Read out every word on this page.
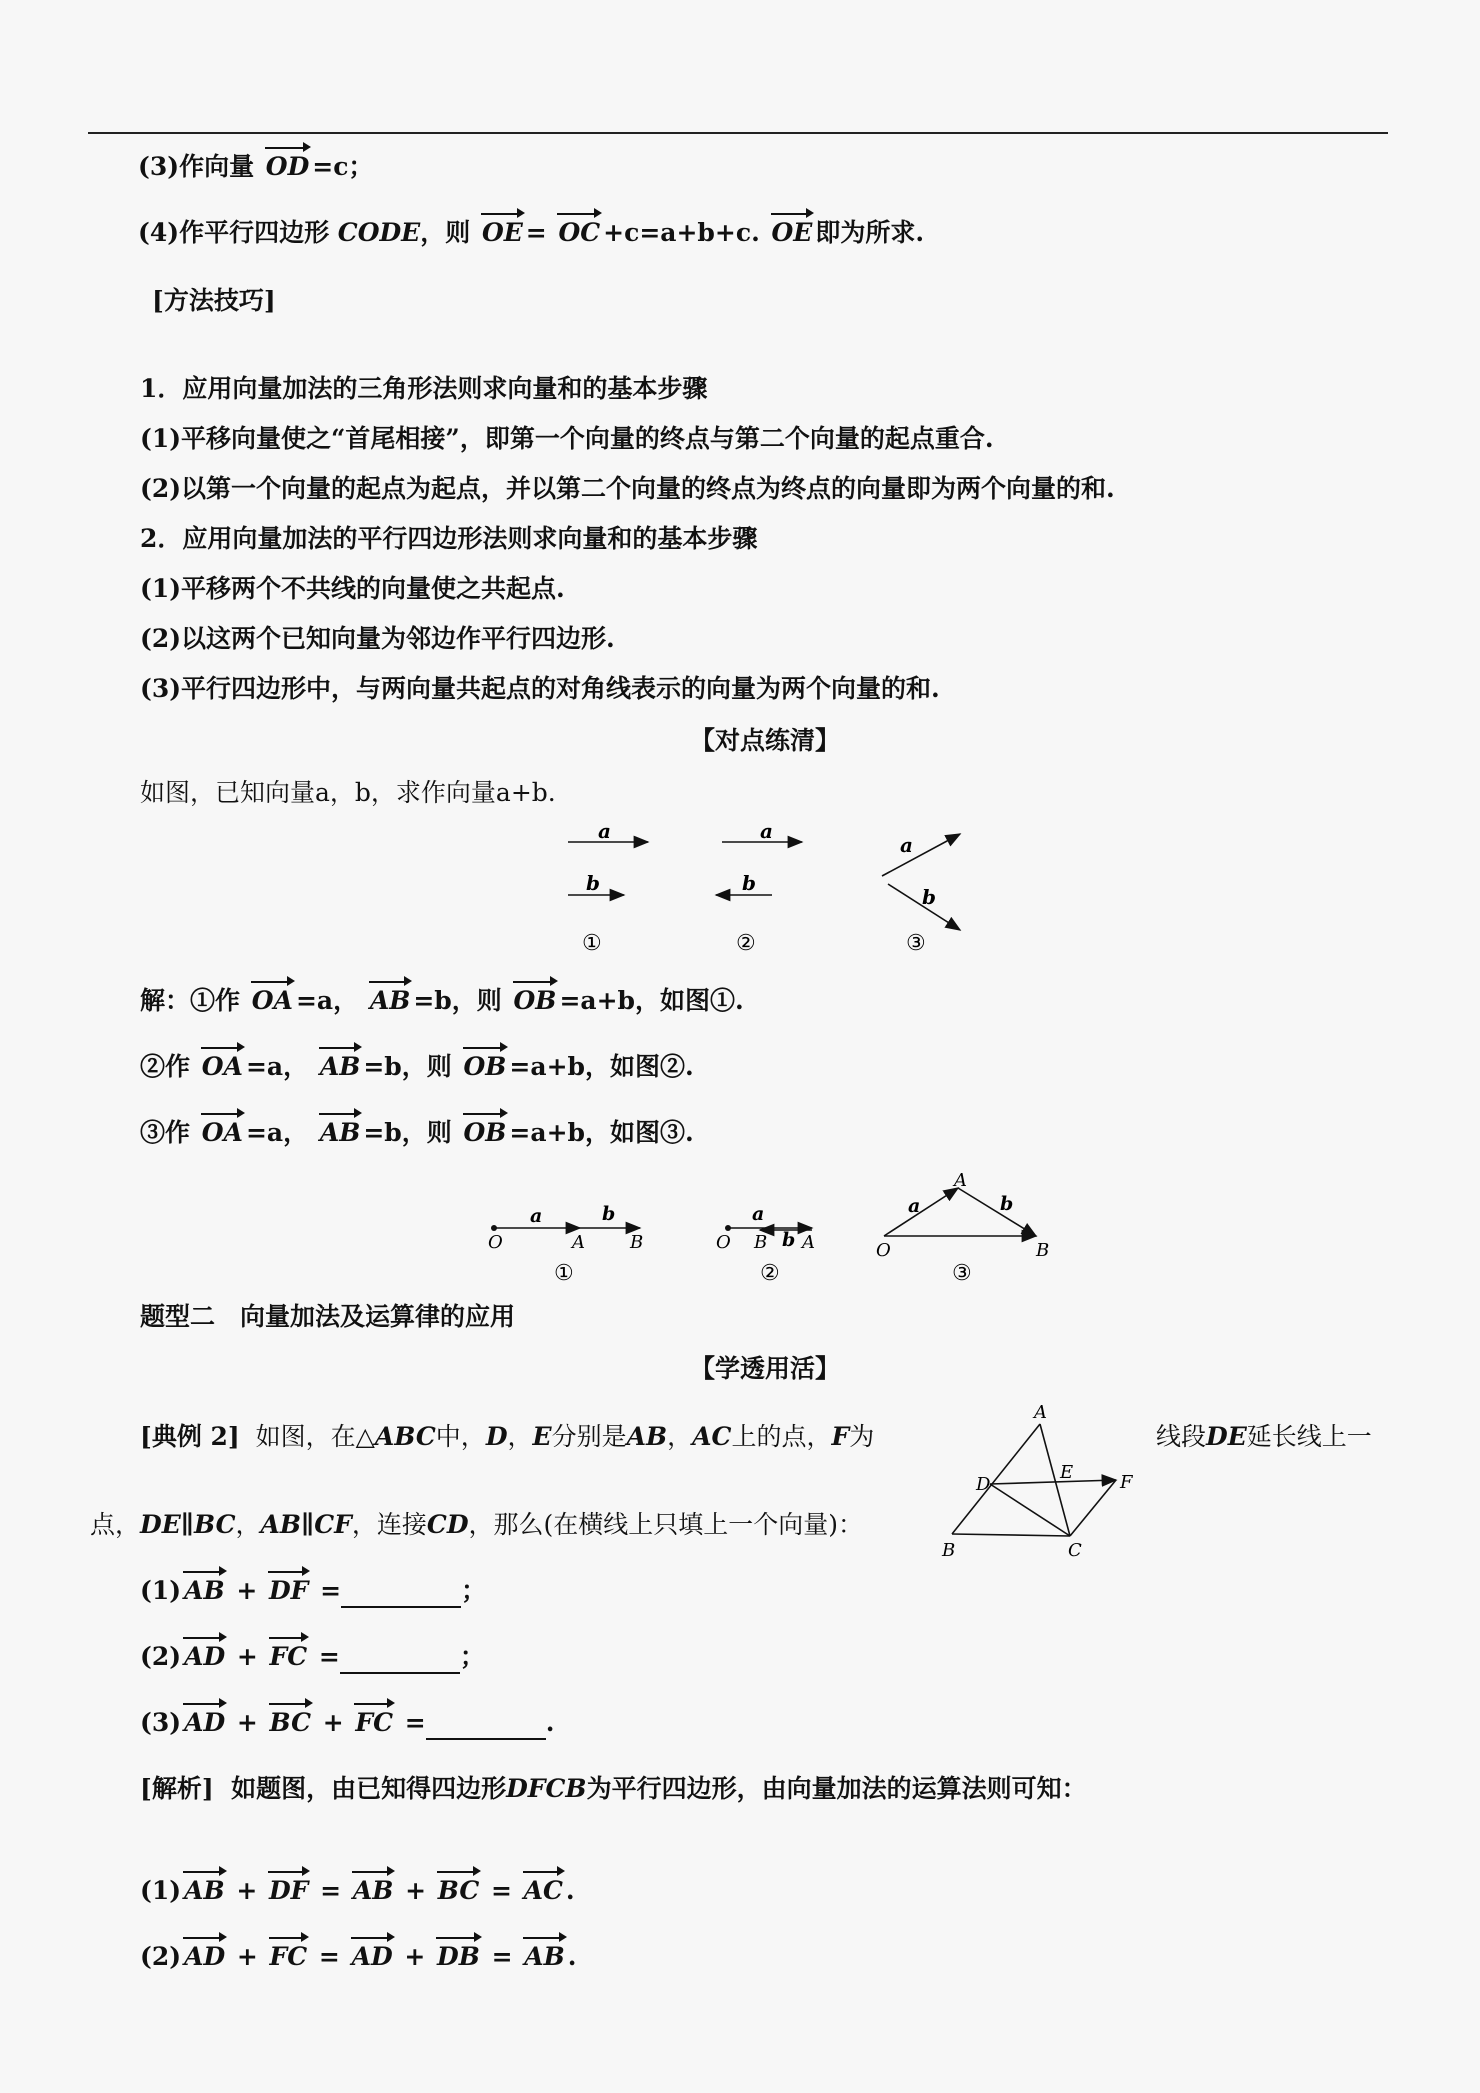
(3)作向量 OD =c；
(4)作平行四边形 CODE，则 OE = OC +c=a+b+c. OE 即为所求.
[方法技巧]
1．应用向量加法的三角形法则求向量和的基本步骤
(1)平移向量使之“首尾相接”，即第一个向量的终点与第二个向量的起点重合.
(2)以第一个向量的起点为起点，并以第二个向量的终点为终点的向量即为两个向量的和.
2．应用向量加法的平行四边形法则求向量和的基本步骤
(1)平移两个不共线的向量使之共起点.
(2)以这两个已知向量为邻边作平行四边形.
(3)平行四边形中，与两向量共起点的对角线表示的向量为两个向量的和.
【对点练清】
如图，已知向量a，b，求作向量a+b.
a
b
①
a
b
②
a
b
③
解：①作 OA =a， AB =b，则 OB =a+b，如图①.
②作 OA =a， AB =b，则 OB =a+b，如图②.
③作 OA =a， AB =b，则 OB =a+b，如图③.
a	b
O	A	B
①
a
b
O B A
②
a	b
O
A
B
③
题型二　向量加法及运算律的应用
【学透用活】
[典例 2] 如图，在△ABC中，D，E分别是AB，AC上的点，F为	线段DE延长线上一
点，DE∥BC，AB∥CF，连接CD，那么(在横线上只填上一个向量)：
A
D
E	F
B	C
(1) AB + DF =	；
(2) AD + FC =	；
(3) AD + BC + FC =	.
[解析] 如题图，由已知得四边形DFCB为平行四边形，由向量加法的运算法则可知：
(1) AB + DF = AB + BC = AC .
(2) AD + FC = AD + DB = AB .
